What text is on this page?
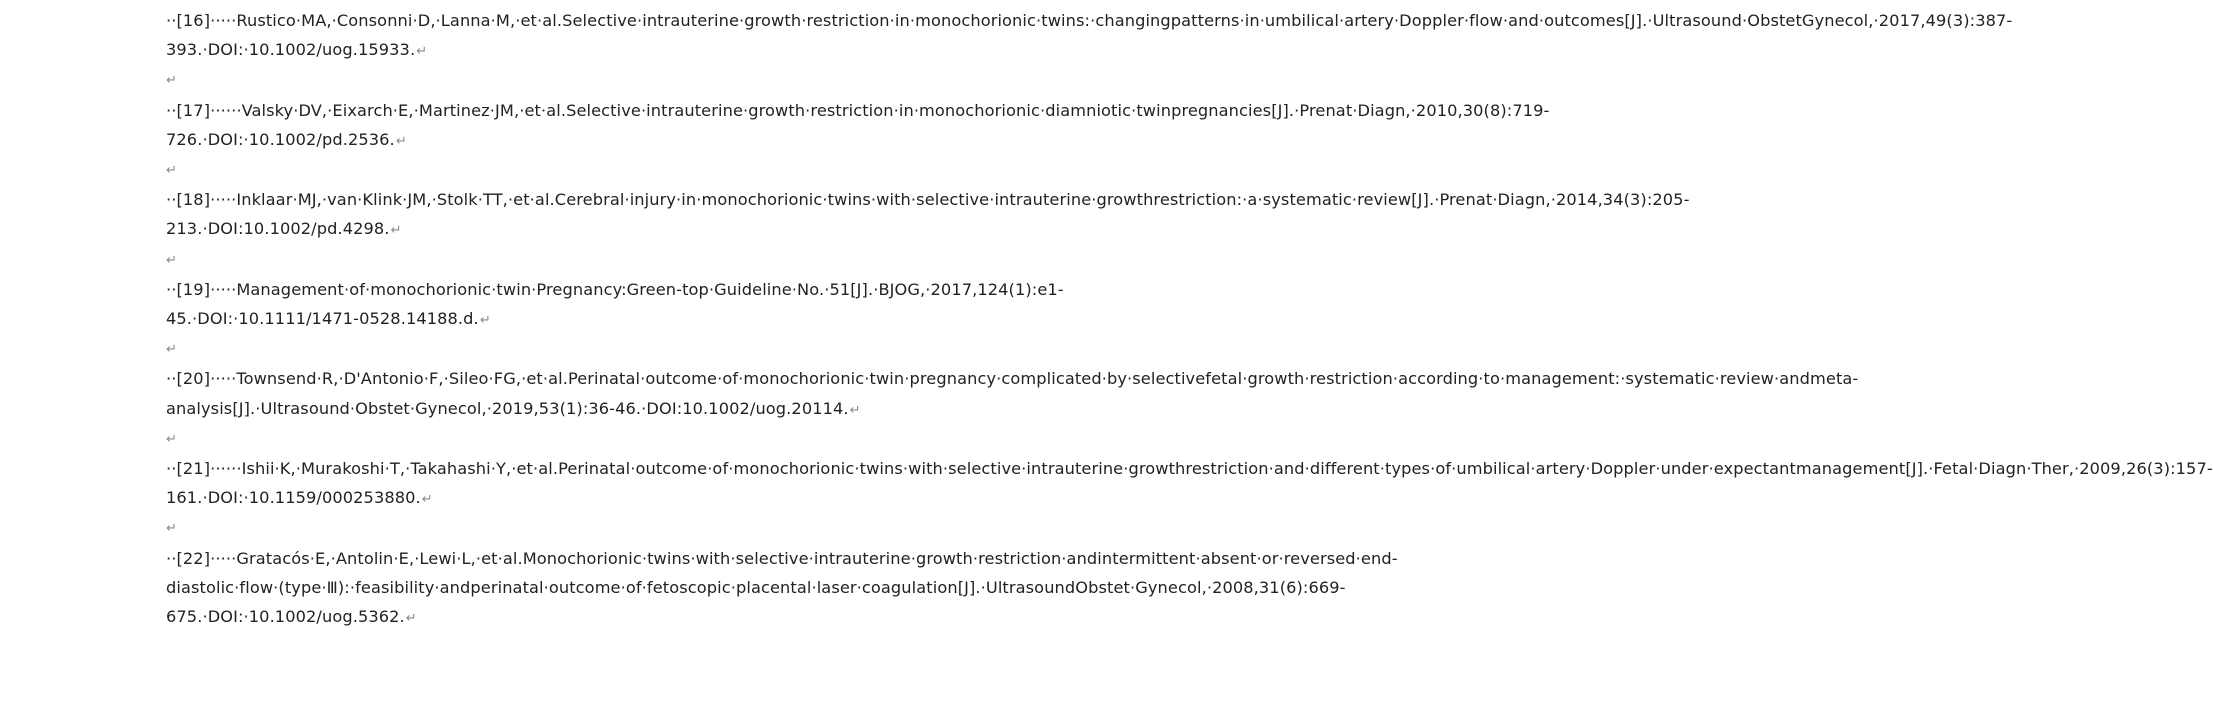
··[16]·····Rustico·MA,·Consonni·D,·Lanna·M,·et·al.Selective·intrauterine·growth·restriction·in·monochorionic·twins:·changingpatterns·in·umbilical·artery·Doppler·flow·and·outcomes[J].·Ultrasound·ObstetGynecol,·2017,49(3):387-393.·DOI:·10.1002/uog.15933.↵

↵

··[17]······Valsky·DV,·Eixarch·E,·Martinez·JM,·et·al.Selective·intrauterine·growth·restriction·in·monochorionic·diamniotic·twinpregnancies[J].·Prenat·Diagn,·2010,30(8):719-726.·DOI:·10.1002/pd.2536.↵

↵

··[18]·····Inklaar·MJ,·van·Klink·JM,·Stolk·TT,·et·al.Cerebral·injury·in·monochorionic·twins·with·selective·intrauterine·growthrestriction:·a·systematic·review[J].·Prenat·Diagn,·2014,34(3):205-213.·DOI:10.1002/pd.4298.↵

↵

··[19]·····Management·of·monochorionic·twin·Pregnancy:Green-top·Guideline·No.·51[J].·BJOG,·2017,124(1):e1-45.·DOI:·10.1111/1471-0528.14188.d.↵

↵

··[20]·····Townsend·R,·D'Antonio·F,·Sileo·FG,·et·al.Perinatal·outcome·of·monochorionic·twin·pregnancy·complicated·by·selectivefetal·growth·restriction·according·to·management:·systematic·review·andmeta-analysis[J].·Ultrasound·Obstet·Gynecol,·2019,53(1):36-46.·DOI:10.1002/uog.20114.↵

↵

··[21]······Ishii·K,·Murakoshi·T,·Takahashi·Y,·et·al.Perinatal·outcome·of·monochorionic·twins·with·selective·intrauterine·growthrestriction·and·different·types·of·umbilical·artery·Doppler·under·expectantmanagement[J].·Fetal·Diagn·Ther,·2009,26(3):157-161.·DOI:·10.1159/000253880.↵

↵

··[22]·····Gratacós·E,·Antolin·E,·Lewi·L,·et·al.Monochorionic·twins·with·selective·intrauterine·growth·restriction·andintermittent·absent·or·reversed·end-diastolic·flow·(type·Ⅲ):·feasibility·andperinatal·outcome·of·fetoscopic·placental·laser·coagulation[J].·UltrasoundObstet·Gynecol,·2008,31(6):669-675.·DOI:·10.1002/uog.5362.↵
